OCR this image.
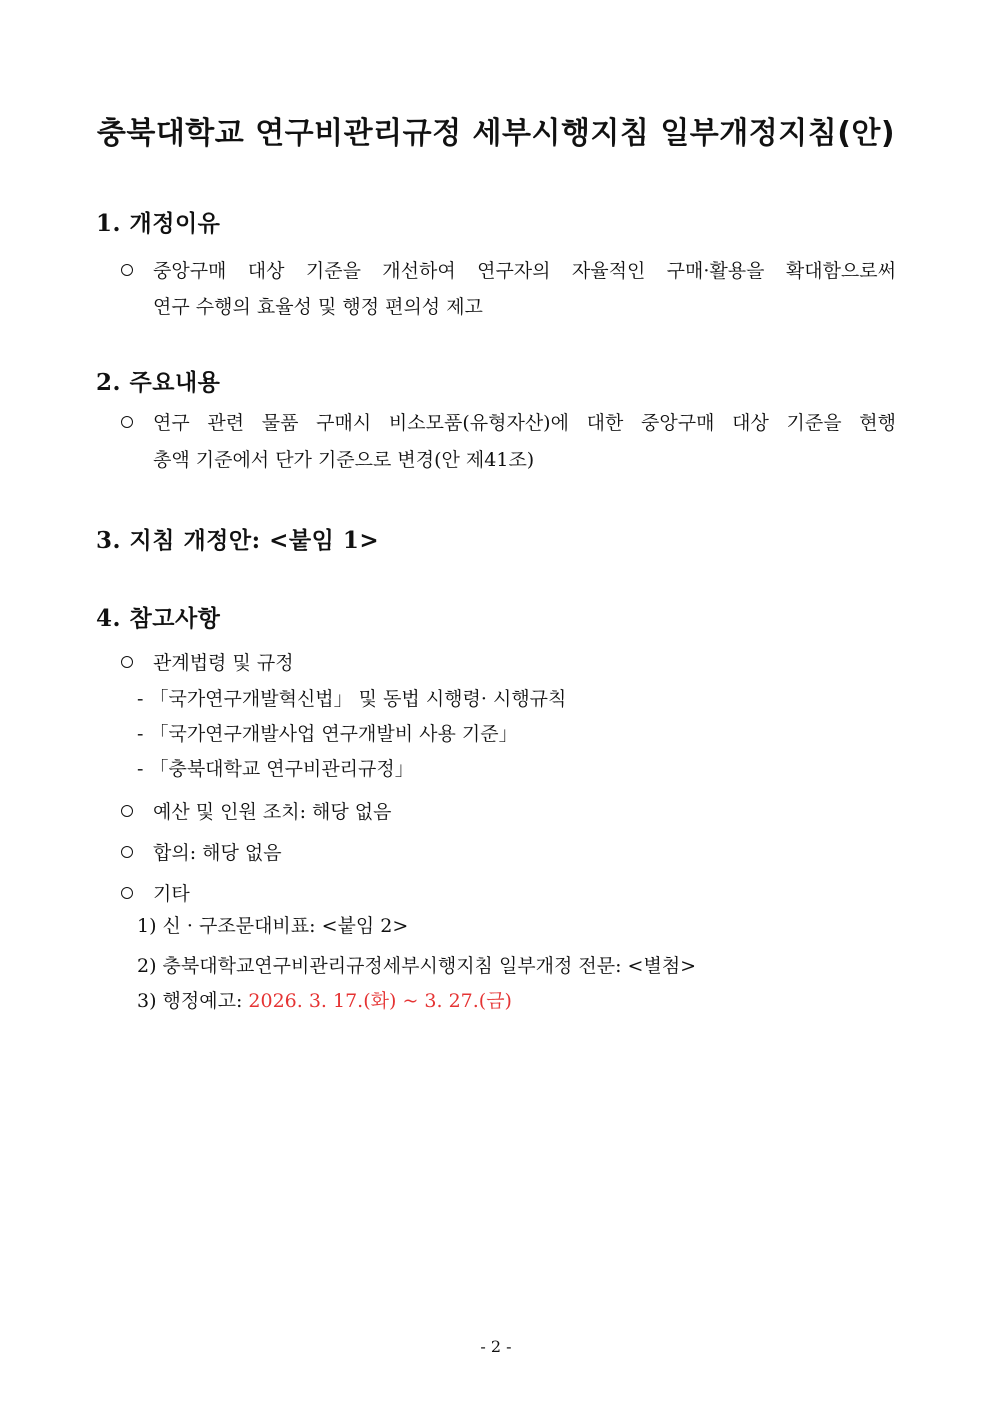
충북대학교 연구비관리규정 세부시행지침 일부개정지침(안)
1. 개정이유
중앙구매 대상 기준을 개선하여 연구자의 자율적인 구매·활용을 확대함으로써
연구 수행의 효율성 및 행정 편의성 제고
2. 주요내용
연구 관련 물품 구매시 비소모품(유형자산)에 대한 중앙구매 대상 기준을 현행
총액 기준에서 단가 기준으로 변경(안 제41조)
3. 지침 개정안: <붙임 1>
4. 참고사항
관계법령 및 규정
- 「국가연구개발혁신법」 및 동법 시행령· 시행규칙
- 「국가연구개발사업 연구개발비 사용 기준」
- 「충북대학교 연구비관리규정」
예산 및 인원 조치: 해당 없음
합의: 해당 없음
기타
1) 신 · 구조문대비표: <붙임 2>
2) 충북대학교연구비관리규정세부시행지침 일부개정 전문: <별첨>
3) 행정예고: 2026. 3. 17.(화) ~ 3. 27.(금)
- 2 -
